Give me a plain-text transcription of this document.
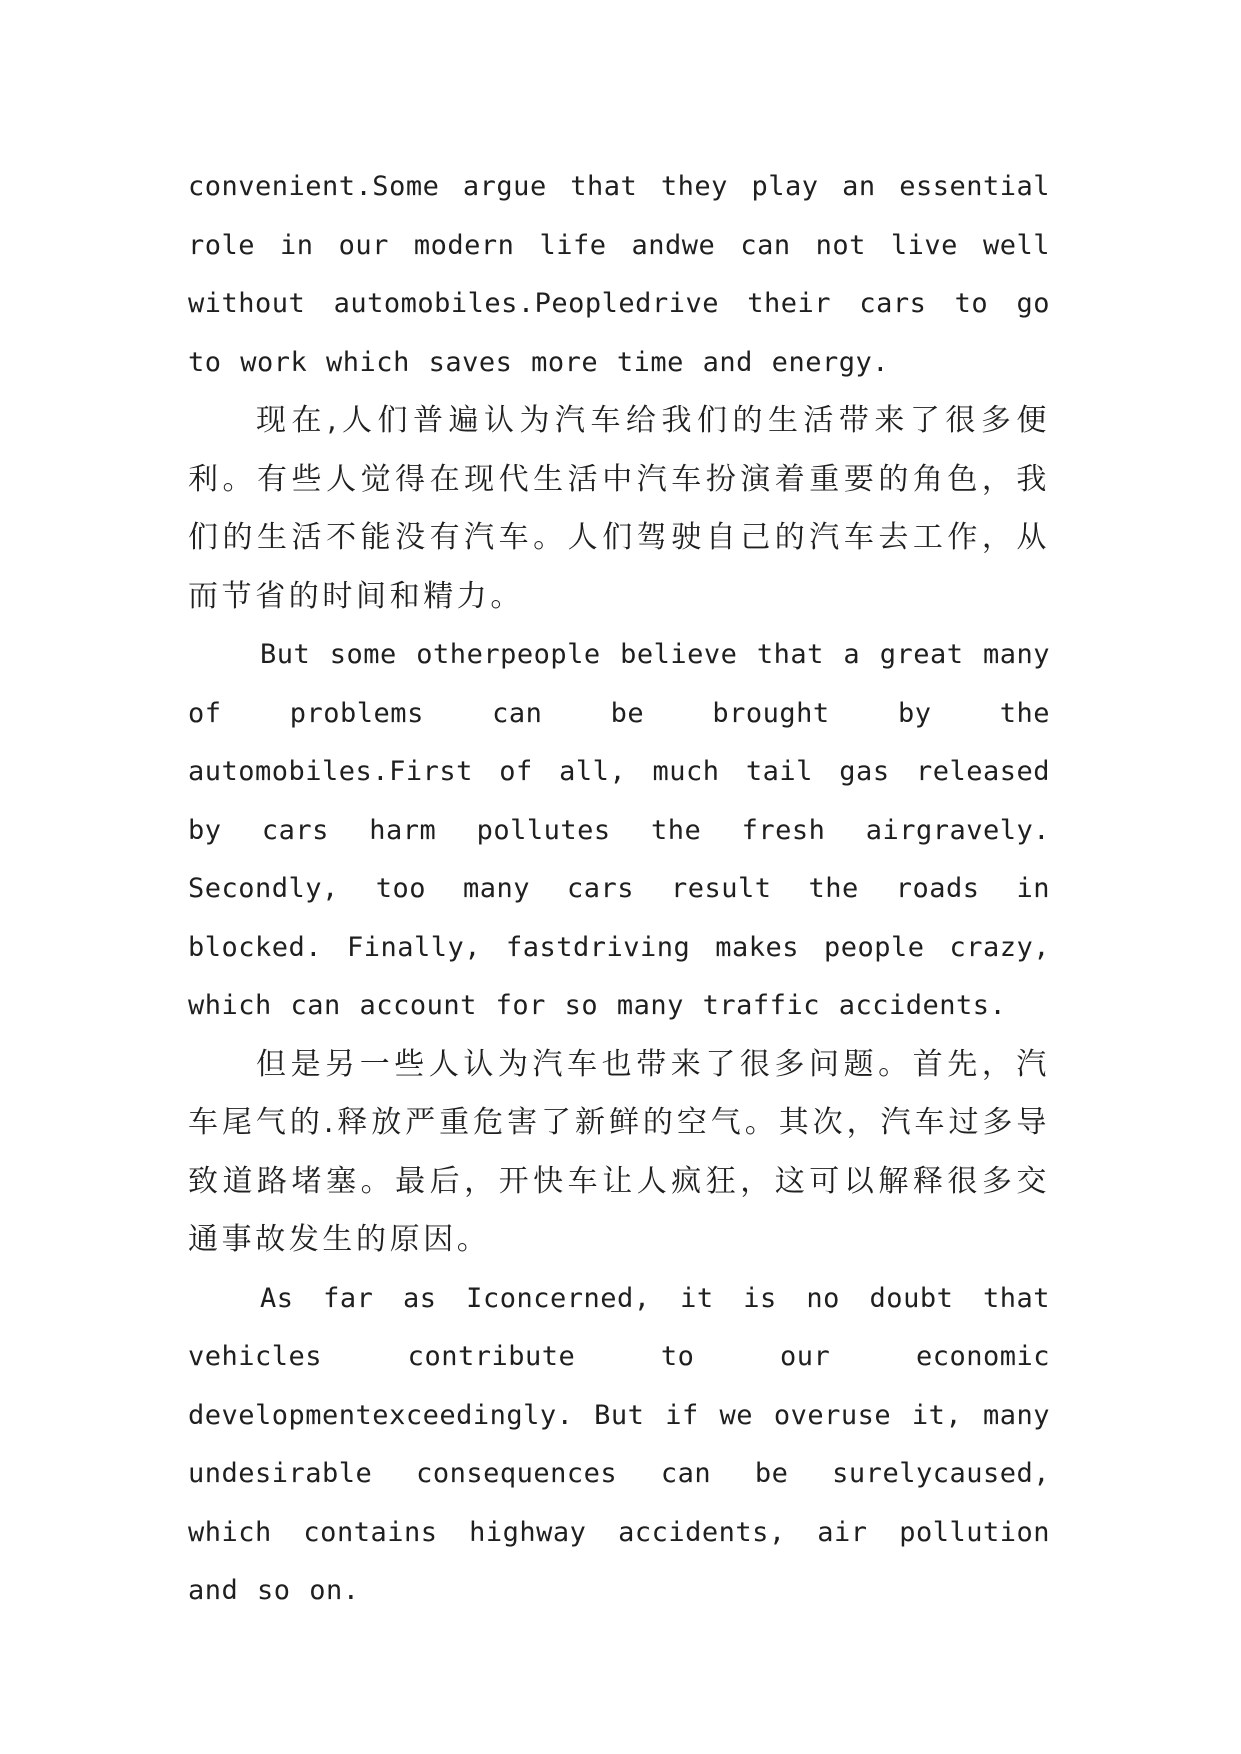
convenient.Some argue that they play an essential role in our modern life andwe can not live well without automobiles.Peopledrive their cars to go to work which saves more time and energy.

现在,人们普遍认为汽车给我们的生活带来了很多便利。有些人觉得在现代生活中汽车扮演着重要的角色，我们的生活不能没有汽车。人们驾驶自己的汽车去工作，从而节省的时间和精力。

But some otherpeople believe that a great many of problems can be brought by the automobiles.First of all, much tail gas released by cars harm pollutes the fresh airgravely. Secondly, too many cars result the roads in blocked. Finally, fastdriving makes people crazy, which can account for so many traffic accidents.

但是另一些人认为汽车也带来了很多问题。首先，汽车尾气的.释放严重危害了新鲜的空气。其次，汽车过多导致道路堵塞。最后，开快车让人疯狂，这可以解释很多交通事故发生的原因。

As far as Iconcerned, it is no doubt that vehicles contribute to our economic developmentexceedingly. But if we overuse it, many undesirable consequences can be surelycaused, which contains highway accidents, air pollution and so on.
